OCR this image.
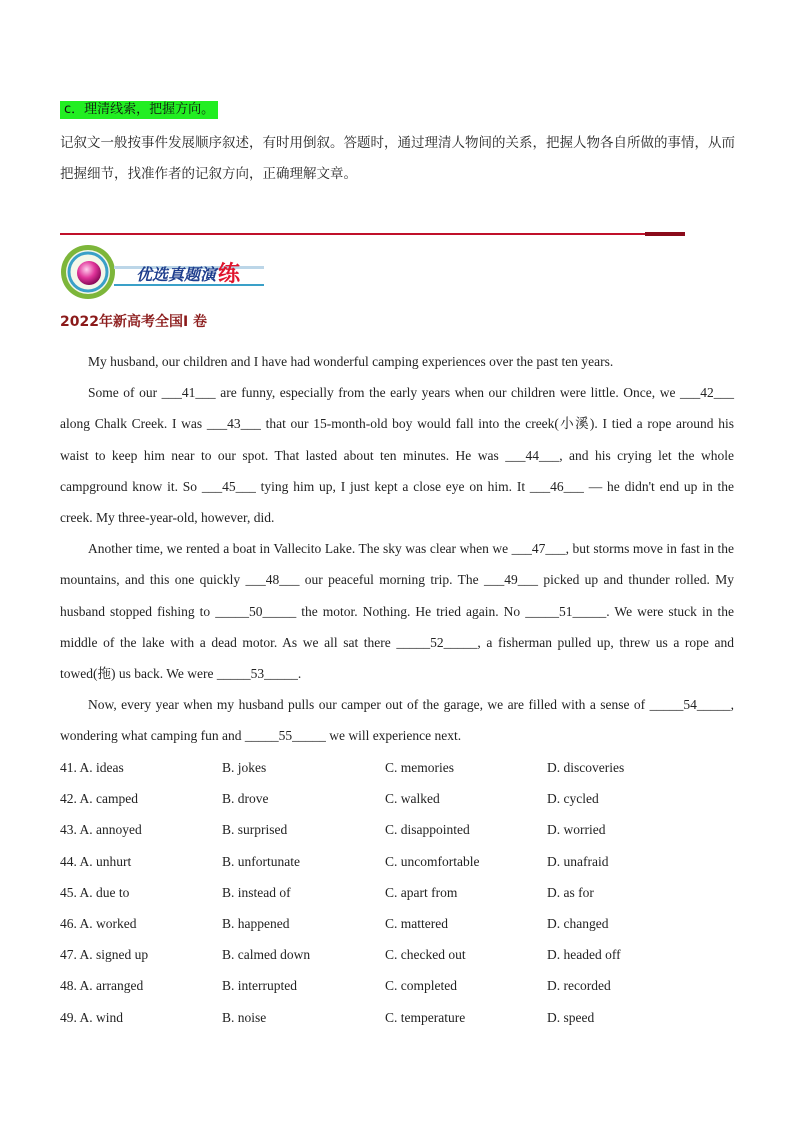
c．理清线索，把握方向。

记叙文一般按事件发展顺序叙述，有时用倒叙。答题时，通过理清人物间的关系，把握人物各自所做的事情，从而把握细节，找准作者的记叙方向，正确理解文章。

优选真题演 练
2022年新高考全国I 卷

My husband, our children and I have had wonderful camping experiences over the past ten years.

Some of our ___41___ are funny, especially from the early years when our children were little. Once, we ___42___ along Chalk Creek. I was ___43___ that our 15-month-old boy would fall into the creek(小溪). I tied a rope around his waist to keep him near to our spot. That lasted about ten minutes. He was ___44___, and his crying let the whole campground know it. So ___45___ tying him up, I just kept a close eye on him. It ___46___ — he didn't end up in the creek. My three-year-old, however, did.

Another time, we rented a boat in Vallecito Lake. The sky was clear when we ___47___, but storms move in fast in the mountains, and this one quickly ___48___ our peaceful morning trip. The ___49___ picked up and thunder rolled. My husband stopped fishing to _____50_____ the motor. Nothing. He tried again. No _____51_____. We were stuck in the middle of the lake with a dead motor. As we all sat there _____52_____, a fisherman pulled up, threw us a rope and towed(拖) us back. We were _____53_____.

Now, every year when my husband pulls our camper out of the garage, we are filled with a sense of _____54_____, wondering what camping fun and _____55_____ we will experience next.

41. A. ideas	B. jokes	C. memories	D. discoveries
42. A. camped	B. drove	C. walked	D. cycled
43. A. annoyed	B. surprised	C. disappointed	D. worried
44. A. unhurt	B. unfortunate	C. uncomfortable	D. unafraid
45. A. due to	B. instead of	C. apart from	D. as for
46. A. worked	B. happened	C. mattered	D. changed
47. A. signed up	B. calmed down	C. checked out	D. headed off
48. A. arranged	B. interrupted	C. completed	D. recorded
49. A. wind	B. noise	C. temperature	D. speed
